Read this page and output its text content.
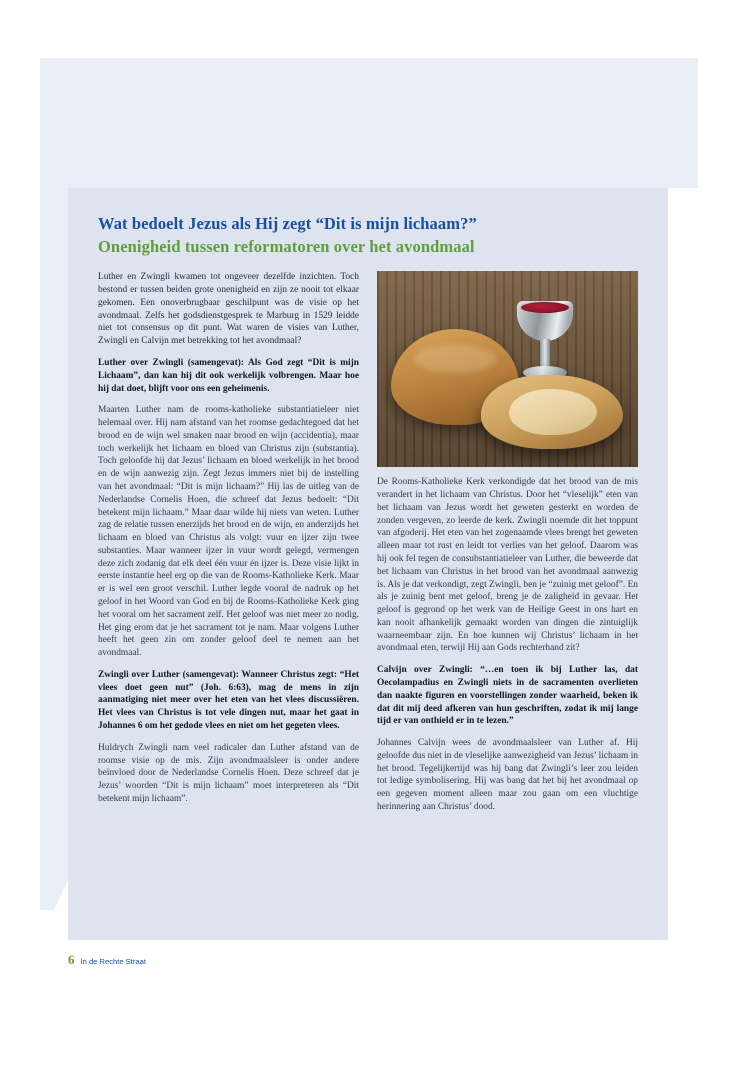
Wat bedoelt Jezus als Hij zegt “Dit is mijn lichaam?”
Onenigheid tussen reformatoren over het avondmaal

Luther en Zwingli kwamen tot ongeveer dezelfde inzichten. Toch bestond er tussen beiden grote onenigheid en zijn ze nooit tot elkaar gekomen. Een onoverbrugbaar geschilpunt was de visie op het avondmaal. Zelfs het godsdienstgesprek te Marburg in 1529 leidde niet tot consensus op dit punt. Wat waren de visies van Luther, Zwingli en Calvijn met betrekking tot het avondmaal?

Luther over Zwingli (samengevat): Als God zegt “Dit is mijn Lichaam”, dan kan hij dit ook werkelijk volbrengen. Maar hoe hij dat doet, blijft voor ons een geheimenis.

Maarten Luther nam de rooms-katholieke substantiatieleer niet helemaal over. Hij nam afstand van het roomse gedachtegoed dat het brood en de wijn wel smaken naar brood en wijn (accidentia), maar toch werkelijk het lichaam en bloed van Christus zijn (substantia). Toch geloofde hij dat Jezus’ lichaam en bloed werkelijk in het brood en de wijn aanwezig zijn. Zegt Jezus immers niet bij de instelling van het avondmaal: “Dit is mijn lichaam?” Hij las de uitleg van de Nederlandse Cornelis Hoen, die schreef dat Jezus bedoelt: “Dit betekent mijn lichaam.” Maar daar wilde hij niets van weten. Luther zag de relatie tussen enerzijds het brood en de wijn, en anderzijds het lichaam en bloed van Christus als volgt: vuur en ijzer zijn twee substanties. Maar wanneer ijzer in vuur wordt gelegd, vermengen deze zich zodanig dat elk deel één vuur én ijzer is. Deze visie lijkt in eerste instantie heel erg op die van de Rooms-Katholieke Kerk. Maar er is wel een groot verschil. Luther legde vooral de nadruk op het geloof in het Woord van God en bij de Rooms-Katholieke Kerk ging het vooral om het sacrament zelf. Het geloof was niet meer zo nodig. Het ging erom dat je het sacrament tot je nam. Maar volgens Luther heeft het geen zin om zonder geloof deel te nemen aan het avondmaal.

Zwingli over Luther (samengevat): Wanneer Christus zegt: “Het vlees doet geen nut” (Joh. 6:63), mag de mens in zijn aanmatiging niet meer over het eten van het vlees discussiëren. Het vlees van Christus is tot vele dingen nut, maar het gaat in Johannes 6 om het gedode vlees en niet om het gegeten vlees.

Huldrych Zwingli nam veel radicaler dan Luther afstand van de roomse visie op de mis. Zijn avondmaalsleer is onder andere beïnvloed door de Nederlandse Cornelis Hoen. Deze schreef dat je Jezus’ woorden “Dit is mijn lichaam” moet interpreteren als “Dit betekent mijn lichaam”.

De Rooms-Katholieke Kerk verkondigde dat het brood van de mis verandert in het lichaam van Christus. Door het “vleselijk” eten van het lichaam van Jezus wordt het geweten gesterkt en worden de zonden vergeven, zo leerde de kerk. Zwingli noemde dit het toppunt van afgoderij. Het eten van het zogenaamde vlees brengt het geweten alleen maar tot rust en leidt tot verlies van het geloof. Daarom was hij ook fel tegen de consubstantiatieleer van Luther, die beweerde dat het lichaam van Christus in het brood van het avondmaal aanwezig is. Als je dat verkondigt, zegt Zwingli, ben je “zuinig met geloof”. En als je zuinig bent met geloof, breng je de zaligheid in gevaar. Het geloof is gegrond op het werk van de Heilige Geest in ons hart en kan nooit afhankelijk gemaakt worden van dingen die zintuiglijk waarneembaar zijn. En hoe kunnen wij Christus’ lichaam in het avondmaal eten, terwijl Hij aan Gods rechterhand zit?

Calvijn over Zwingli: “…en toen ik bij Luther las, dat Oecolampadius en Zwingli niets in de sacramenten overlieten dan naakte figuren en voorstellingen zonder waarheid, beken ik dat dit mij deed afkeren van hun geschriften, zodat ik mij lange tijd er van onthield er in te lezen.”

Johannes Calvijn wees de avondmaalsleer van Luther af. Hij geloofde dus niet in de vleselijke aanwezigheid van Jezus’ lichaam in het brood. Tegelijkertijd was hij bang dat Zwingli’s leer zou leiden tot ledige symbolisering. Hij was bang dat het bij het avondmaal op een gegeven moment alleen maar zou gaan om een vluchtige herinnering aan Christus’ dood.

6 In de Rechte Straat
